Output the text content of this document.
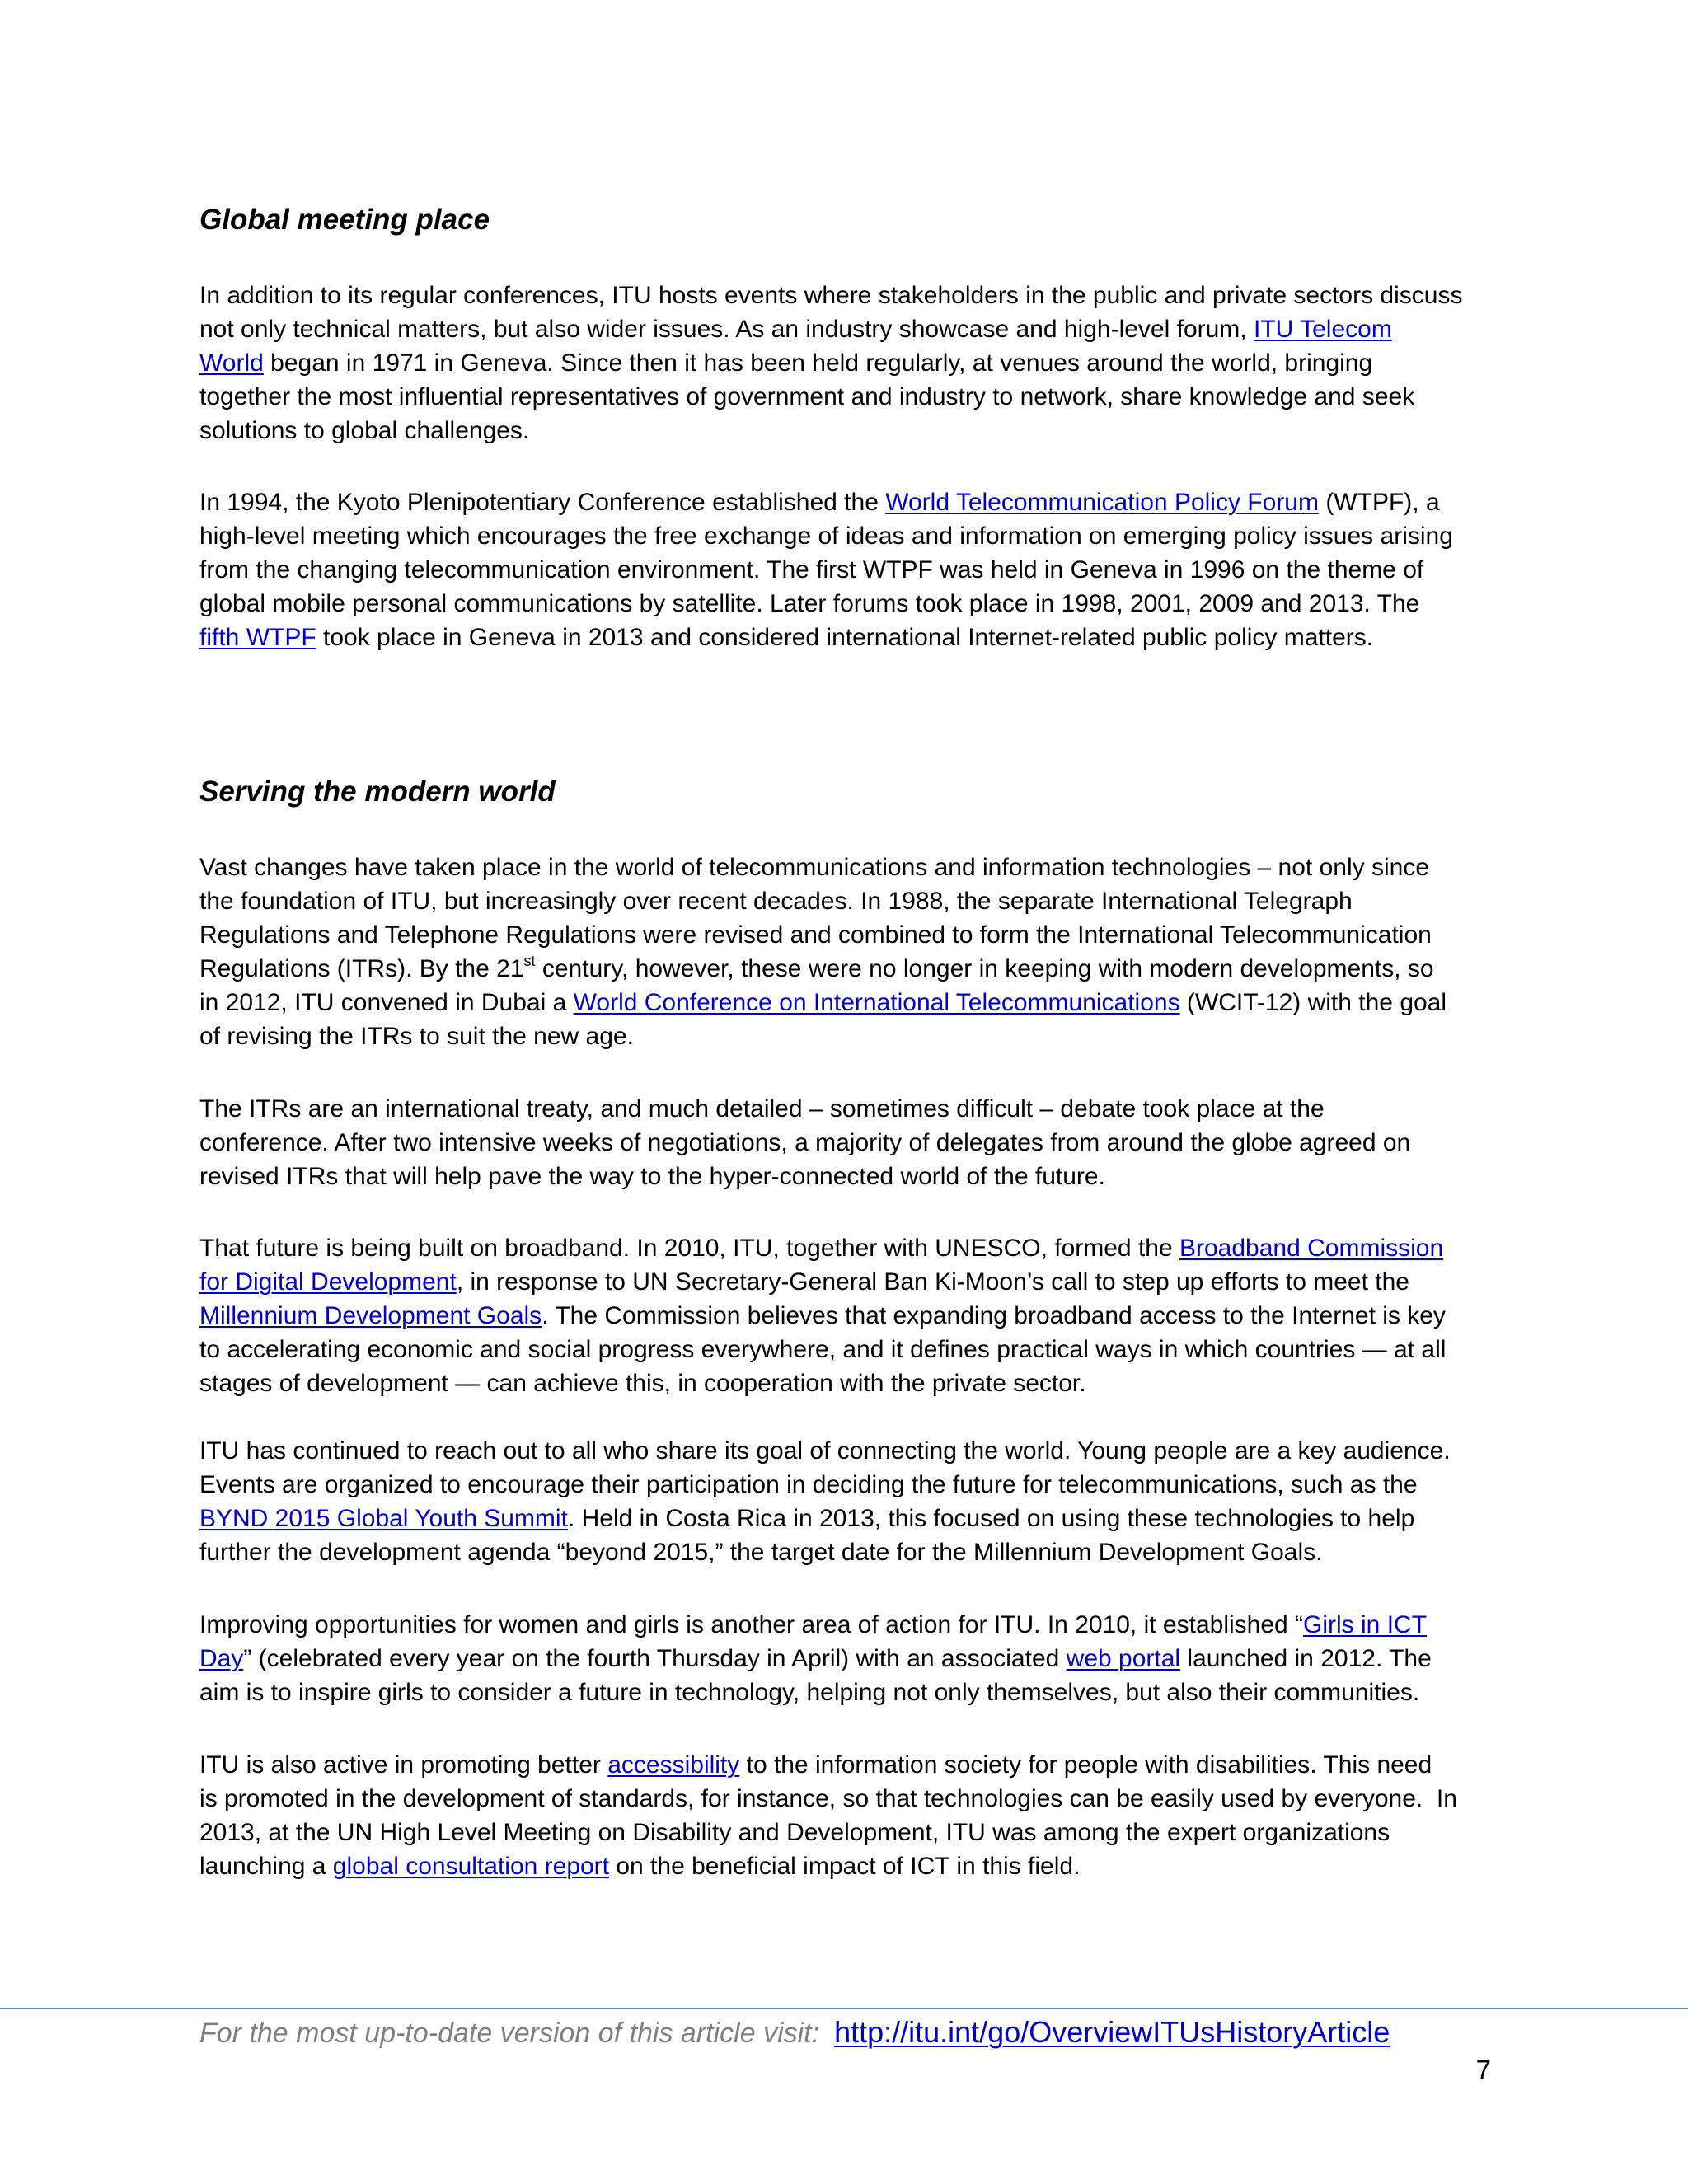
Global meeting place
In addition to its regular conferences, ITU hosts events where stakeholders in the public and private sectors discuss
not only technical matters, but also wider issues. As an industry showcase and high-level forum, ITU Telecom
World began in 1971 in Geneva. Since then it has been held regularly, at venues around the world, bringing
together the most influential representatives of government and industry to network, share knowledge and seek
solutions to global challenges.
In 1994, the Kyoto Plenipotentiary Conference established the World Telecommunication Policy Forum (WTPF), a
high-level meeting which encourages the free exchange of ideas and information on emerging policy issues arising
from the changing telecommunication environment. The first WTPF was held in Geneva in 1996 on the theme of
global mobile personal communications by satellite. Later forums took place in 1998, 2001, 2009 and 2013. The
fifth WTPF took place in Geneva in 2013 and considered international Internet-related public policy matters.
Serving the modern world
Vast changes have taken place in the world of telecommunications and information technologies – not only since
the foundation of ITU, but increasingly over recent decades. In 1988, the separate International Telegraph
Regulations and Telephone Regulations were revised and combined to form the International Telecommunication
Regulations (ITRs). By the 21st century, however, these were no longer in keeping with modern developments, so
in 2012, ITU convened in Dubai a World Conference on International Telecommunications (WCIT-12) with the goal
of revising the ITRs to suit the new age.
The ITRs are an international treaty, and much detailed – sometimes difficult – debate took place at the
conference. After two intensive weeks of negotiations, a majority of delegates from around the globe agreed on
revised ITRs that will help pave the way to the hyper-connected world of the future.
That future is being built on broadband. In 2010, ITU, together with UNESCO, formed the Broadband Commission
for Digital Development, in response to UN Secretary-General Ban Ki-Moon’s call to step up efforts to meet the
Millennium Development Goals. The Commission believes that expanding broadband access to the Internet is key
to accelerating economic and social progress everywhere, and it defines practical ways in which countries — at all
stages of development — can achieve this, in cooperation with the private sector.
ITU has continued to reach out to all who share its goal of connecting the world. Young people are a key audience.
Events are organized to encourage their participation in deciding the future for telecommunications, such as the
BYND 2015 Global Youth Summit. Held in Costa Rica in 2013, this focused on using these technologies to help
further the development agenda “beyond 2015,” the target date for the Millennium Development Goals.
Improving opportunities for women and girls is another area of action for ITU. In 2010, it established “Girls in ICT
Day” (celebrated every year on the fourth Thursday in April) with an associated web portal launched in 2012. The
aim is to inspire girls to consider a future in technology, helping not only themselves, but also their communities.
ITU is also active in promoting better accessibility to the information society for people with disabilities. This need
is promoted in the development of standards, for instance, so that technologies can be easily used by everyone.  In
2013, at the UN High Level Meeting on Disability and Development, ITU was among the expert organizations
launching a global consultation report on the beneficial impact of ICT in this field.
For the most up-to-date version of this article visit: http://itu.int/go/OverviewITUsHistoryArticle
7
